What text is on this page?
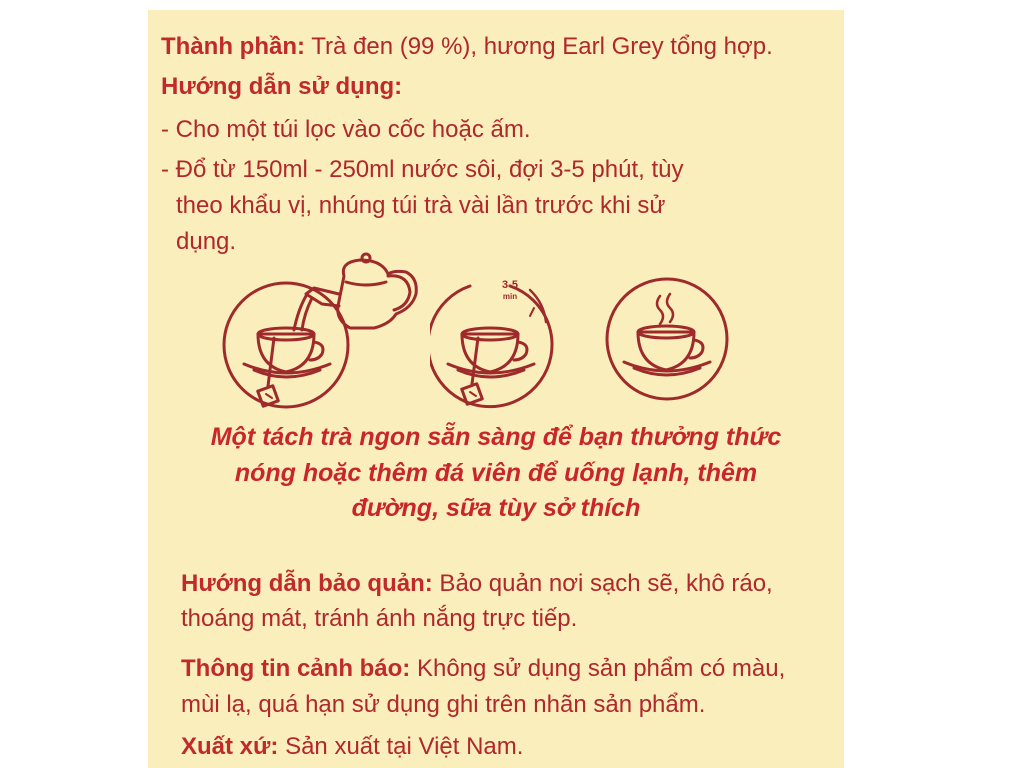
Thành phần: Trà đen (99 %), hương Earl Grey tổng hợp.
Hướng dẫn sử dụng:
- Cho một túi lọc vào cốc hoặc ấm.
- Đổ từ 150ml - 250ml nước sôi, đợi 3-5 phút, tùy
theo khẩu vị, nhúng túi trà vài lần trước khi sử
dụng.
3-5
min
Một tách trà ngon sẵn sàng để bạn thưởng thức
nóng hoặc thêm đá viên để uống lạnh, thêm
đường, sữa tùy sở thích
Hướng dẫn bảo quản: Bảo quản nơi sạch sẽ, khô ráo,
thoáng mát, tránh ánh nắng trực tiếp.
Thông tin cảnh báo: Không sử dụng sản phẩm có màu,
mùi lạ, quá hạn sử dụng ghi trên nhãn sản phẩm.
Xuất xứ: Sản xuất tại Việt Nam.
